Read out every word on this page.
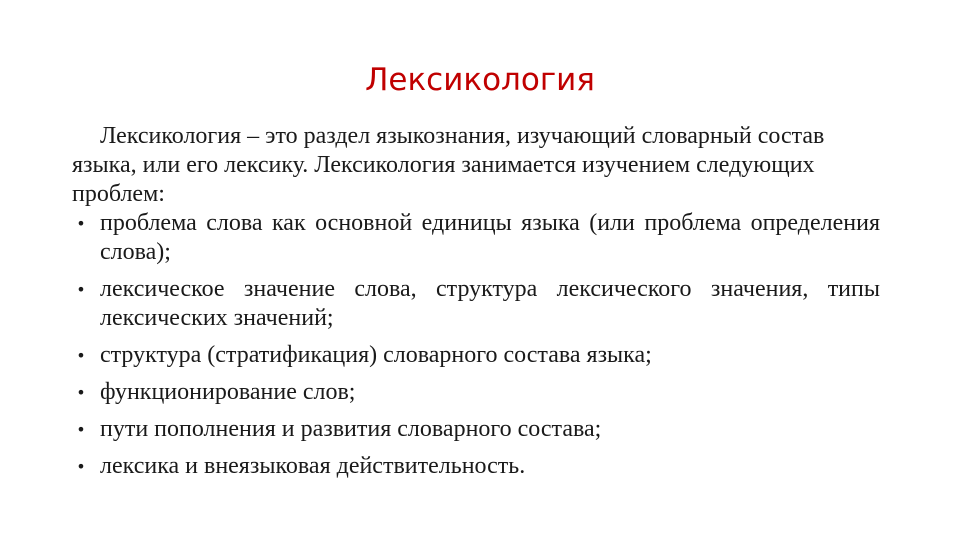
Лексикология

Лексикология – это раздел языкознания, изучающий словарный состав языка, или его лексику. Лексикология занимается изучением следующих проблем:

• проблема слова как основной единицы языка (или проблема определения слова);
• лексическое значение слова, структура лексического значения, типы лексических значений;
• структура (стратификация) словарного состава языка;
• функционирование слов;
• пути пополнения и развития словарного состава;
• лексика и внеязыковая действительность.
